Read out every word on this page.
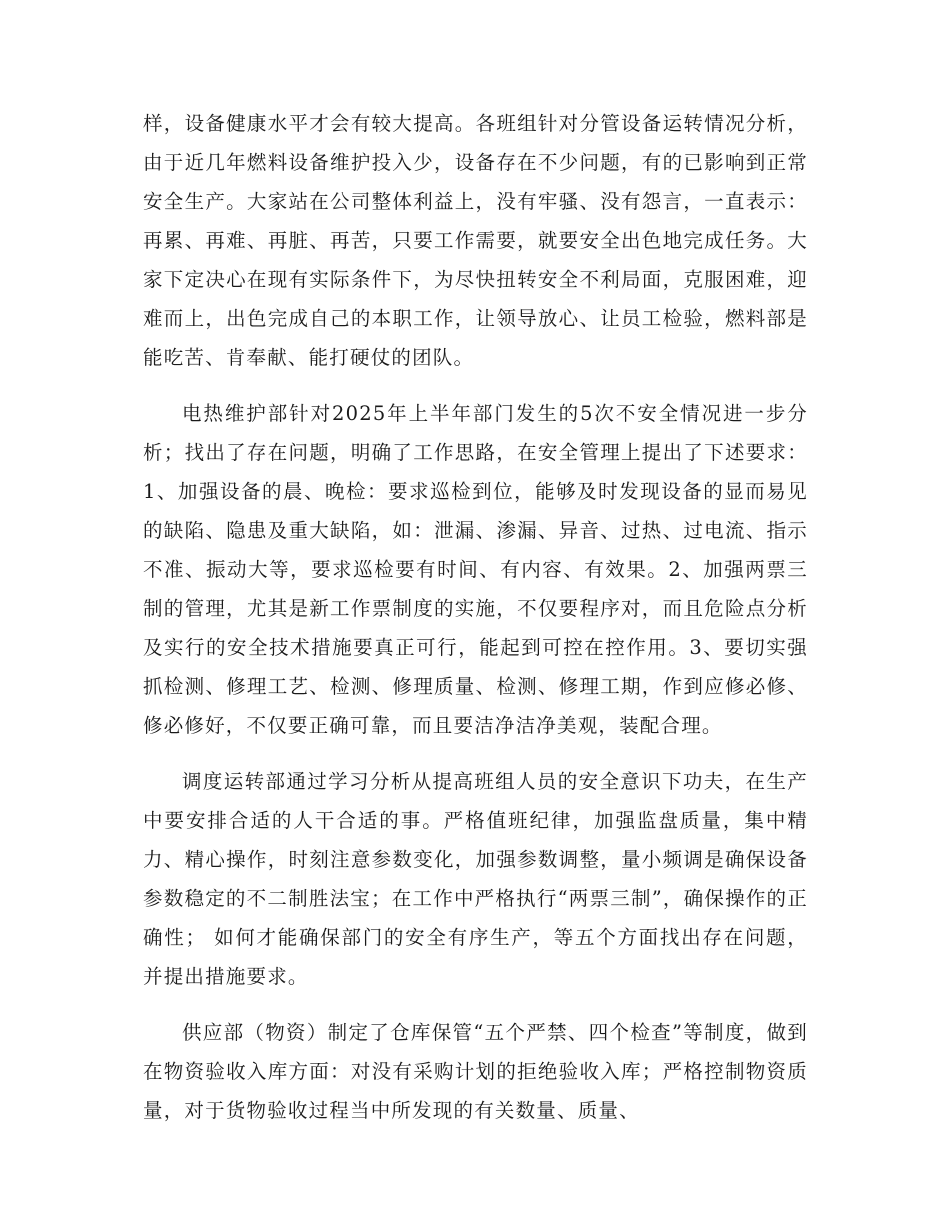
样，设备健康水平才会有较大提高。各班组针对分管设备运转情况分析，由于近几年燃料设备维护投入少，设备存在不少问题，有的已影响到正常安全生产。大家站在公司整体利益上，没有牢骚、没有怨言，一直表示：再累、再难、再脏、再苦，只要工作需要，就要安全出色地完成任务。大家下定决心在现有实际条件下，为尽快扭转安全不利局面，克服困难，迎难而上，出色完成自己的本职工作，让领导放心、让员工检验，燃料部是能吃苦、肯奉献、能打硬仗的团队。

电热维护部针对2025年上半年部门发生的5次不安全情况进一步分析；找出了存在问题，明确了工作思路，在安全管理上提出了下述要求：1、加强设备的晨、晚检：要求巡检到位，能够及时发现设备的显而易见的缺陷、隐患及重大缺陷，如：泄漏、渗漏、异音、过热、过电流、指示不准、振动大等，要求巡检要有时间、有内容、有效果。2、加强两票三制的管理，尤其是新工作票制度的实施，不仅要程序对，而且危险点分析及实行的安全技术措施要真正可行，能起到可控在控作用。3、要切实强抓检测、修理工艺、检测、修理质量、检测、修理工期，作到应修必修、修必修好，不仅要正确可靠，而且要洁净洁净美观，装配合理。

调度运转部通过学习分析从提高班组人员的安全意识下功夫，在生产中要安排合适的人干合适的事。严格值班纪律，加强监盘质量，集中精力、精心操作，时刻注意参数变化，加强参数调整，量小频调是确保设备参数稳定的不二制胜法宝；在工作中严格执行“两票三制”，确保操作的正确性； 如何才能确保部门的安全有序生产，等五个方面找出存在问题，并提出措施要求。

供应部（物资）制定了仓库保管“五个严禁、四个检查”等制度，做到在物资验收入库方面：对没有采购计划的拒绝验收入库；严格控制物资质量，对于货物验收过程当中所发现的有关数量、质量、
